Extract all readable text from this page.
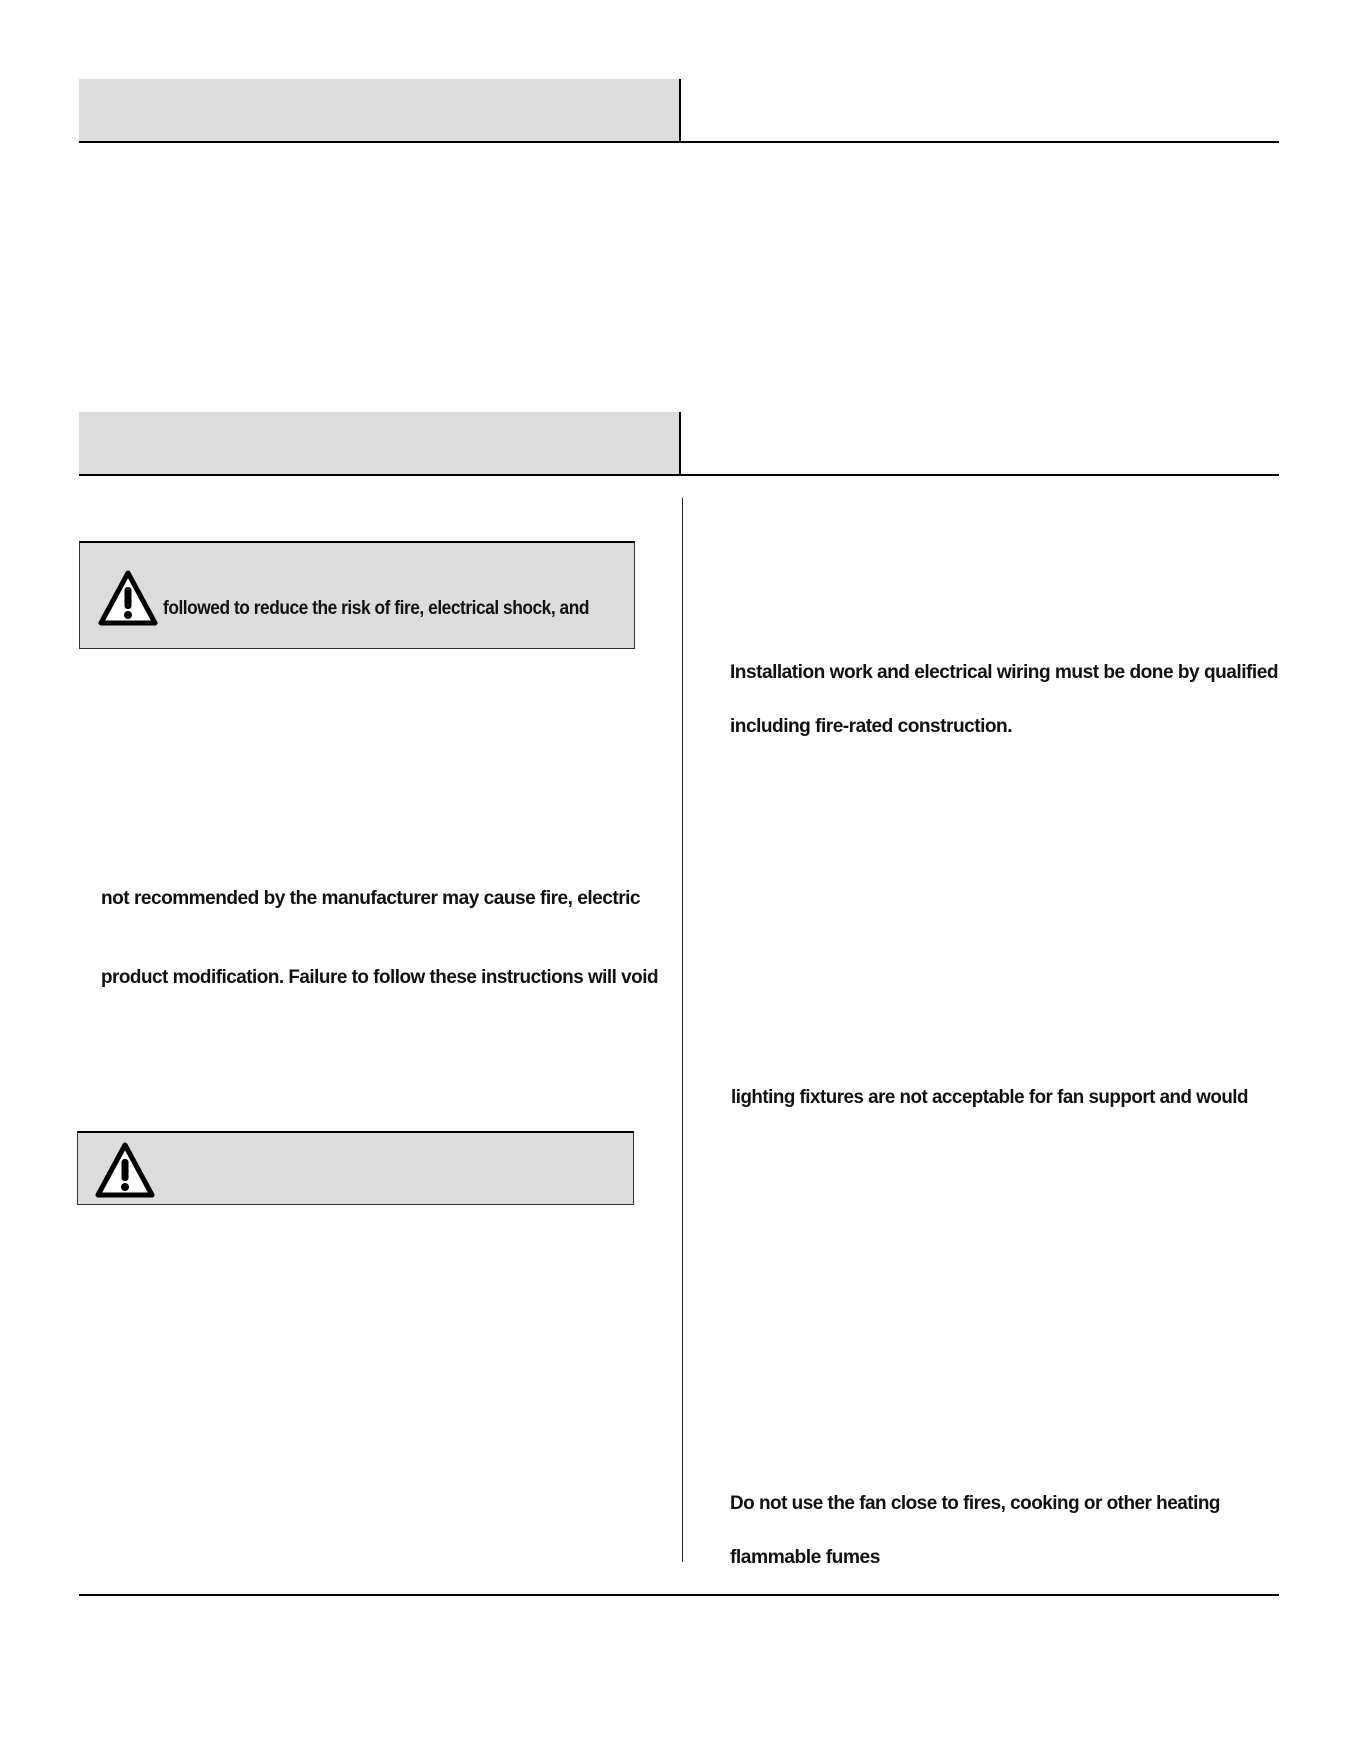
followed to reduce the risk of fire, electrical shock, and

not recommended by the manufacturer may cause fire, electric

product modification. Failure to follow these instructions will void

Installation work and electrical wiring must be done by qualified

including fire-rated construction.

lighting fixtures are not acceptable for fan support and would

Do not use the fan close to fires, cooking or other heating

flammable fumes
